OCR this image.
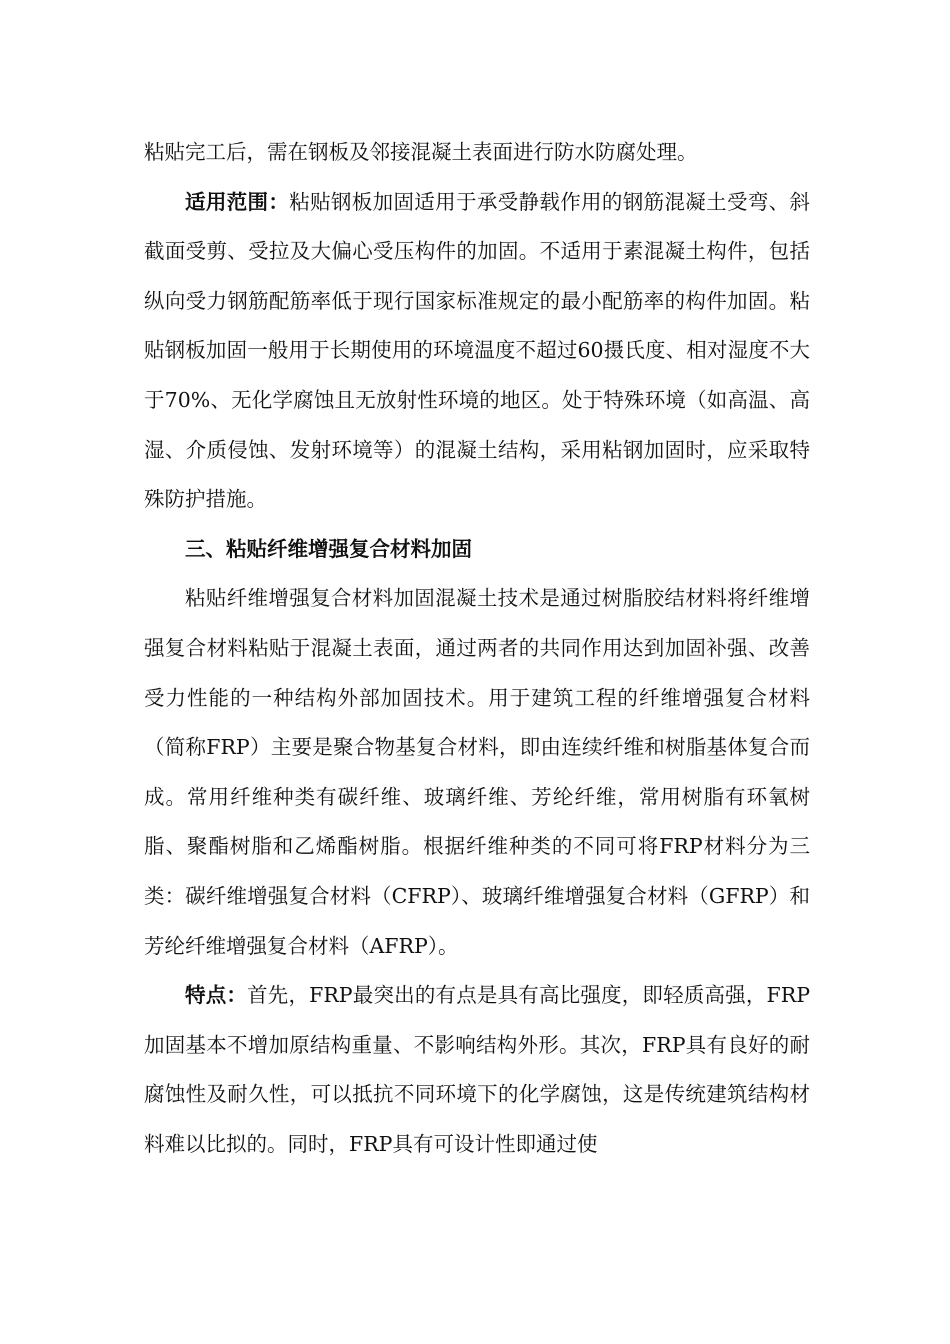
粘贴完工后，需在钢板及邻接混凝土表面进行防水防腐处理。

适用范围：粘贴钢板加固适用于承受静载作用的钢筋混凝土受弯、斜截面受剪、受拉及大偏心受压构件的加固。不适用于素混凝土构件，包括纵向受力钢筋配筋率低于现行国家标准规定的最小配筋率的构件加固。粘贴钢板加固一般用于长期使用的环境温度不超过60摄氏度、相对湿度不大于70%、无化学腐蚀且无放射性环境的地区。处于特殊环境（如高温、高湿、介质侵蚀、发射环境等）的混凝土结构，采用粘钢加固时，应采取特殊防护措施。

三、粘贴纤维增强复合材料加固

粘贴纤维增强复合材料加固混凝土技术是通过树脂胶结材料将纤维增强复合材料粘贴于混凝土表面，通过两者的共同作用达到加固补强、改善受力性能的一种结构外部加固技术。用于建筑工程的纤维增强复合材料（简称FRP）主要是聚合物基复合材料，即由连续纤维和树脂基体复合而成。常用纤维种类有碳纤维、玻璃纤维、芳纶纤维，常用树脂有环氧树脂、聚酯树脂和乙烯酯树脂。根据纤维种类的不同可将FRP材料分为三类：碳纤维增强复合材料（CFRP）、玻璃纤维增强复合材料（GFRP）和芳纶纤维增强复合材料（AFRP）。

特点：首先，FRP最突出的有点是具有高比强度，即轻质高强，FRP加固基本不增加原结构重量、不影响结构外形。其次，FRP具有良好的耐腐蚀性及耐久性，可以抵抗不同环境下的化学腐蚀，这是传统建筑结构材料难以比拟的。同时，FRP具有可设计性即通过使
